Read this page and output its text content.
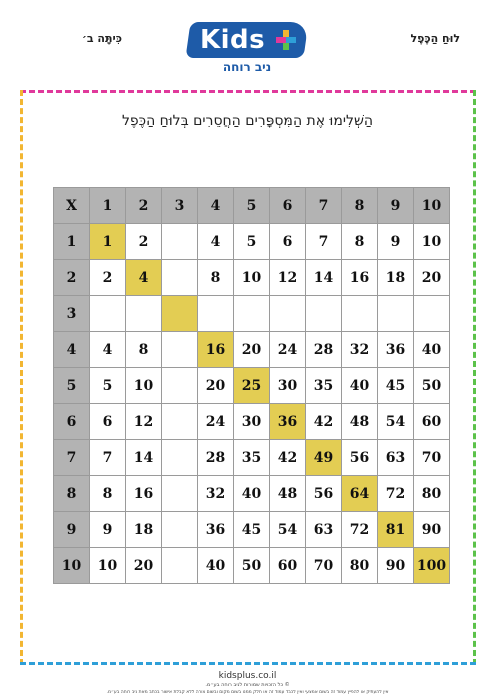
לוּחַ הַכֶּפֶל
כִּיתָּה ב׳	Kids
ניב רוחה
הַשְׁלִימוּ אֶת הַמִּסְפָּרִים הַחֲסֵרִים בְּלוּחַ הַכֶּפֶל
X	1	2	3	4	5	6	7	8	9	10
1	1	2		4	5	6	7	8	9	10
2	2	4		8	10	12	14	16	18	20
3										
4	4	8		16	20	24	28	32	36	40
5	5	10		20	25	30	35	40	45	50
6	6	12		24	30	36	42	48	54	60
7	7	14		28	35	42	49	56	63	70
8	8	16		32	40	48	56	64	72	80
9	9	18		36	45	54	63	72	81	90
10	10	20		40	50	60	70	80	90	100
kidsplus.co.il
© כל הזכויות שמורות לניב רוחה בע״מ.
אין להעתיק או להפיץ עמוד זה בשום אמצעי ואין לכבד עמוד זה או חלק ממנו בשום מקום ובשום צורה ללא קבלת אישור בכתב מאת ניב רוחה בע״מ.
